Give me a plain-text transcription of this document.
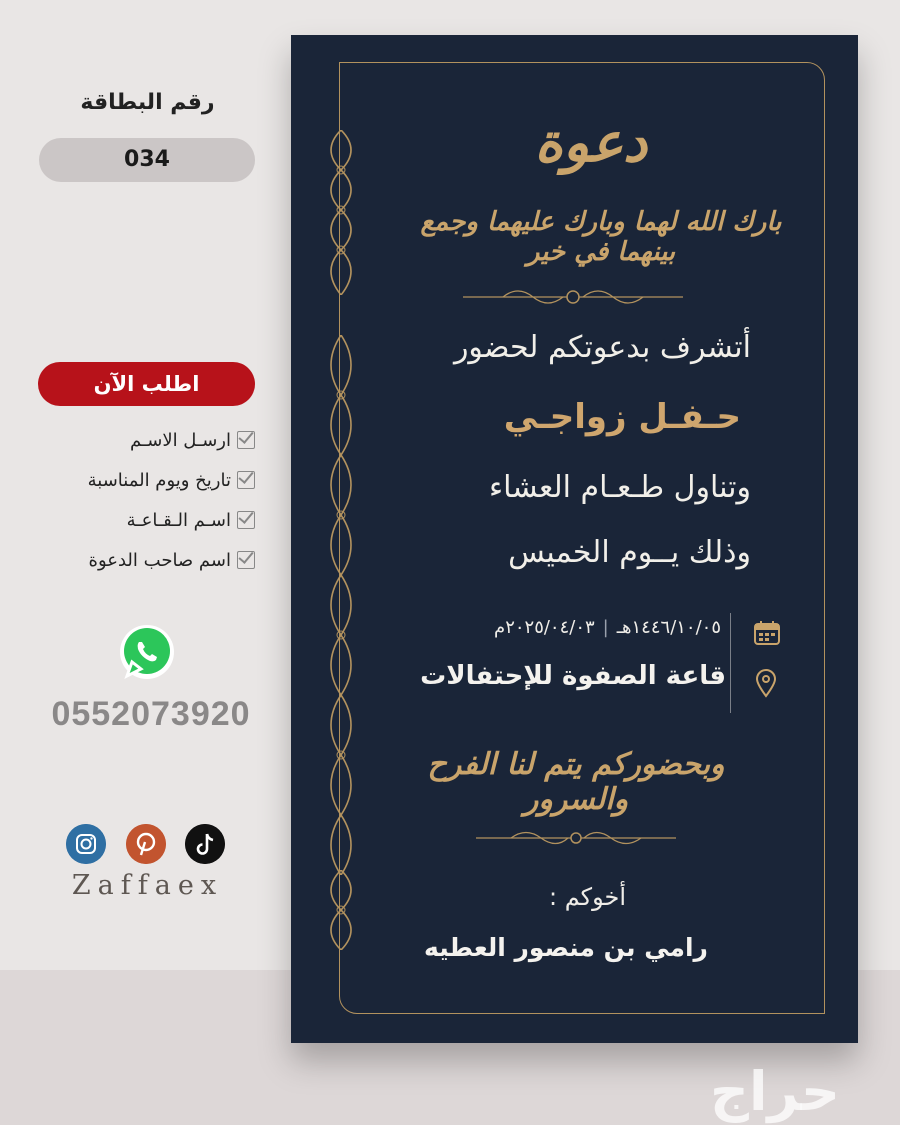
رقم البطاقة
034
اطلب الآن
ارسـل الاسـم
تاريخ ويوم المناسبة
اسـم الـقـاعـة
اسم صاحب الدعوة
0552073920
Zaffaex
دعوة
بارك الله لهما وبارك عليهما وجمع بينهما في خير
أتشرف بدعوتكم لحضور
حـفـل زواجـي
وتناول طـعـام العشاء
وذلك يــوم الخميس
١٤٤٦/١٠/٠٥هـ|٢٠٢٥/٠٤/٠٣م
قاعة الصفوة للإحتفالات
وبحضوركم يتم لنا الفرح والسرور
أخوكم :
رامي بن منصور العطيه
حراج
